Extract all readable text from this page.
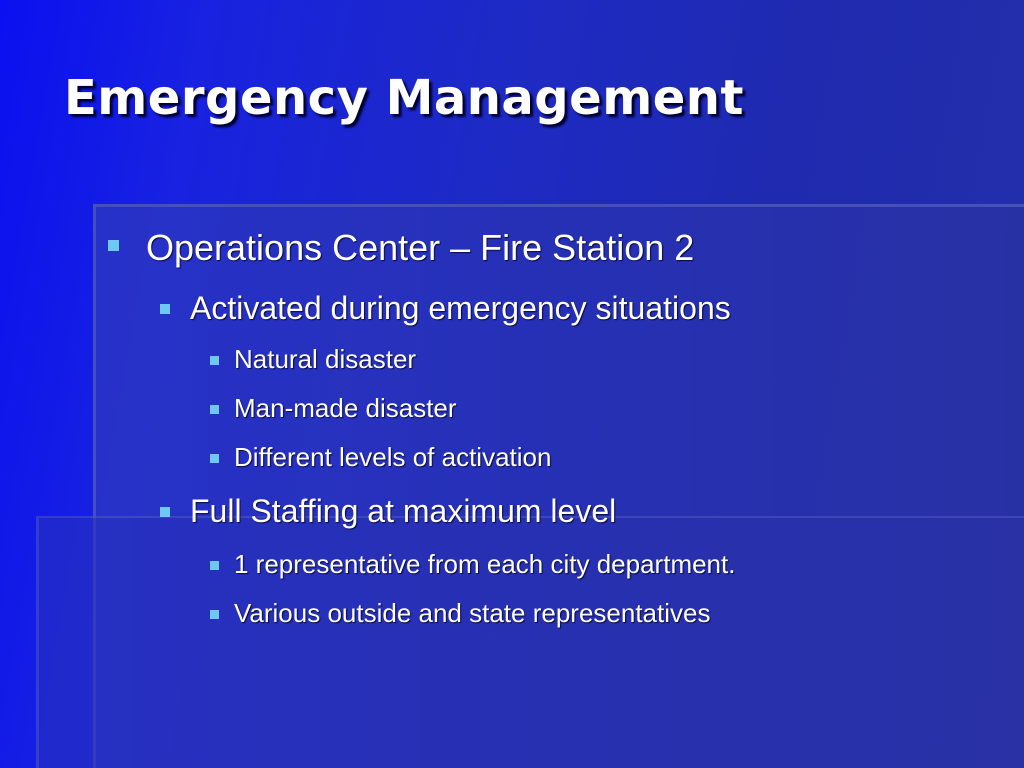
Emergency Management
Operations Center – Fire Station 2
Activated during emergency situations
Natural disaster
Man-made disaster
Different levels of activation
Full Staffing at maximum level
1 representative from each city department.
Various outside and state representatives
